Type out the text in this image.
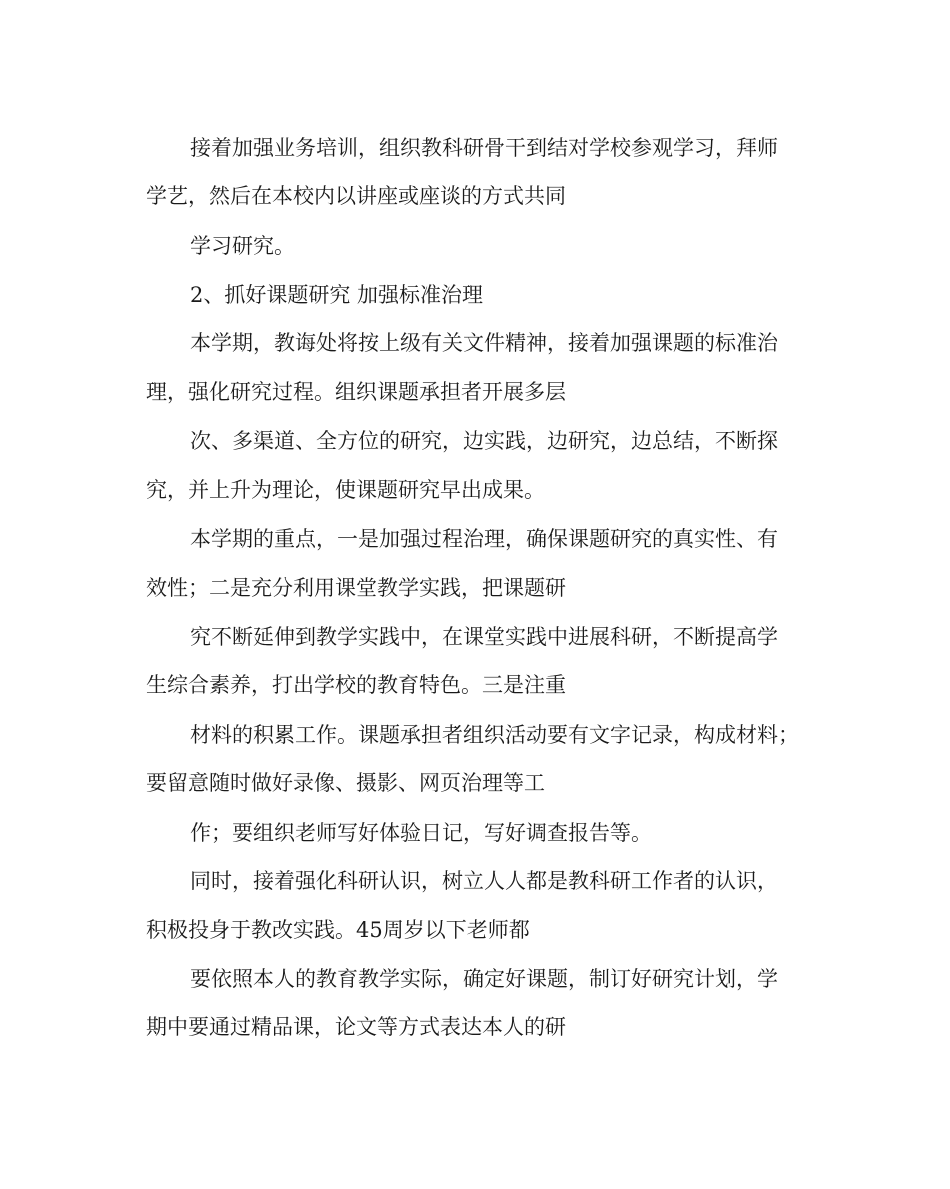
接着加强业务培训，组织教科研骨干到结对学校参观学习，拜师
学艺，然后在本校内以讲座或座谈的方式共同
学习研究。
2、抓好课题研究 加强标准治理
本学期，教诲处将按上级有关文件精神，接着加强课题的标准治
理，强化研究过程。组织课题承担者开展多层
次、多渠道、全方位的研究，边实践，边研究，边总结，不断探
究，并上升为理论，使课题研究早出成果。
本学期的重点，一是加强过程治理，确保课题研究的真实性、有
效性；二是充分利用课堂教学实践，把课题研
究不断延伸到教学实践中，在课堂实践中进展科研，不断提高学
生综合素养，打出学校的教育特色。三是注重
材料的积累工作。课题承担者组织活动要有文字记录，构成材料；
要留意随时做好录像、摄影、网页治理等工
作；要组织老师写好体验日记，写好调查报告等。
同时，接着强化科研认识，树立人人都是教科研工作者的认识，
积极投身于教改实践。45周岁以下老师都
要依照本人的教育教学实际，确定好课题，制订好研究计划，学
期中要通过精品课，论文等方式表达本人的研
